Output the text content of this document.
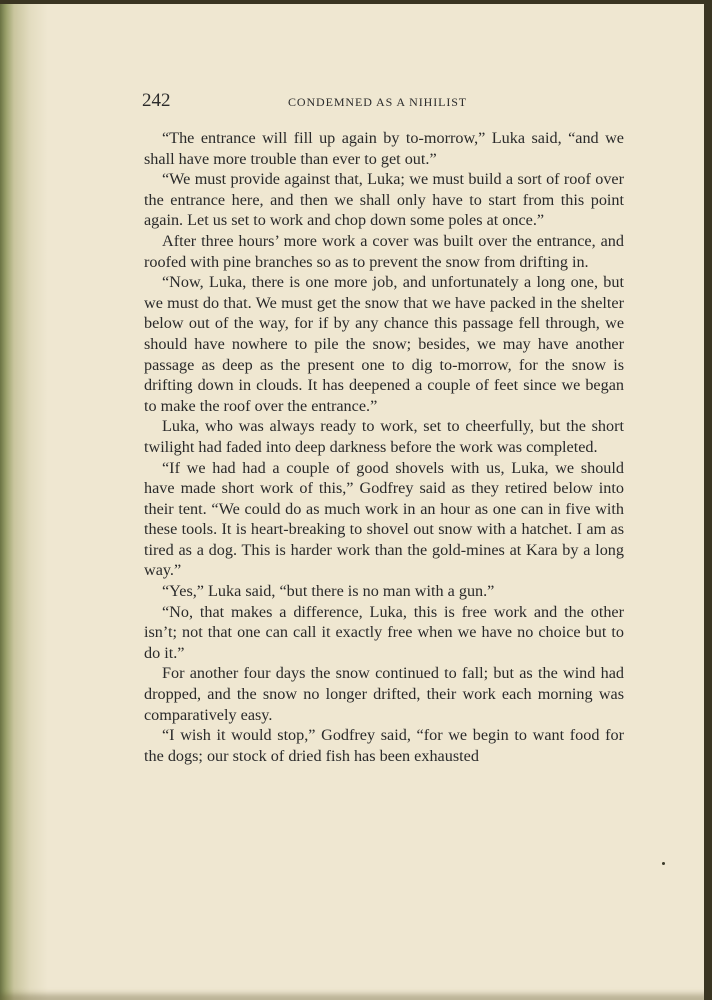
242	CONDEMNED AS A NIHILIST

“The entrance will fill up again by to-morrow,” Luka said, “and we shall have more trouble than ever to get out.”

“We must provide against that, Luka; we must build a sort of roof over the entrance here, and then we shall only have to start from this point again. Let us set to work and chop down some poles at once.”

After three hours’ more work a cover was built over the entrance, and roofed with pine branches so as to prevent the snow from drifting in.

“Now, Luka, there is one more job, and unfortunately a long one, but we must do that. We must get the snow that we have packed in the shelter below out of the way, for if by any chance this passage fell through, we should have nowhere to pile the snow; besides, we may have another passage as deep as the present one to dig to-morrow, for the snow is drifting down in clouds. It has deepened a couple of feet since we began to make the roof over the entrance.”

Luka, who was always ready to work, set to cheerfully, but the short twilight had faded into deep darkness before the work was completed.

“If we had had a couple of good shovels with us, Luka, we should have made short work of this,” Godfrey said as they retired below into their tent. “We could do as much work in an hour as one can in five with these tools. It is heart-breaking to shovel out snow with a hatchet. I am as tired as a dog. This is harder work than the gold-mines at Kara by a long way.”

“Yes,” Luka said, “but there is no man with a gun.”

“No, that makes a difference, Luka, this is free work and the other isn’t; not that one can call it exactly free when we have no choice but to do it.”

For another four days the snow continued to fall; but as the wind had dropped, and the snow no longer drifted, their work each morning was comparatively easy.

“I wish it would stop,” Godfrey said, “for we begin to want food for the dogs; our stock of dried fish has been exhausted
